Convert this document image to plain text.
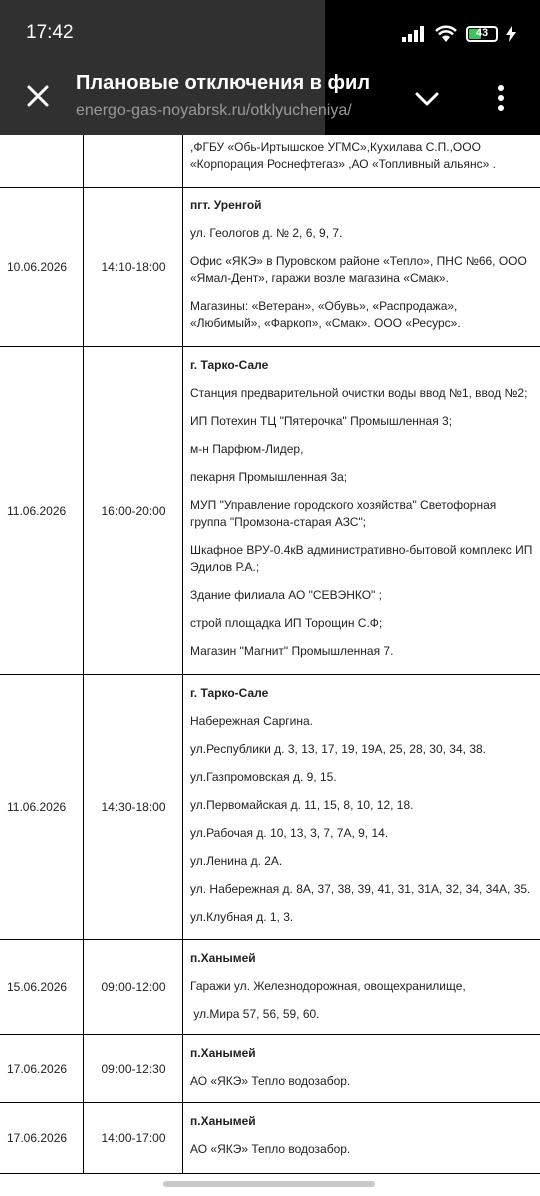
17:42	43
Плановые отключения в фил
energo-gas-noyabrsk.ru/otklyucheniya/

,ФГБУ «Обь-Иртышское УГМС»,Кухилава С.П.,ООО

«Корпорация Роснефтегаз» ,АО «Топливный альянс» .

10.06.2026	14:10-18:00

пгт. Уренгой

ул. Геологов д. № 2, 6, 9, 7.

Офис «ЯКЭ» в Пуровском районе «Тепло», ПНС №66, ООО «Ямал-Дент», гаражи возле магазина «Смак».

Магазины: «Ветеран», «Обувь», «Распродажа», «Любимый», «Фаркоп», «Смак». ООО «Ресурс».

11.06.2026	16:00-20:00

г. Тарко-Сале

Станция предварительной очистки воды ввод №1, ввод №2;

ИП Потехин ТЦ "Пятерочка" Промышленная 3;

м-н Парфюм-Лидер,

пекарня Промышленная 3а;

МУП "Управление городского хозяйства" Светофорная группа "Промзона-старая АЗС";

Шкафное ВРУ-0.4кВ административно-бытовой комплекс ИП Эдилов Р.А.;

Здание филиала АО "СЕВЭНКО" ;

строй площадка ИП Торощин С.Ф;

Магазин "Магнит" Промышленная 7.

11.06.2026	14:30-18:00

г. Тарко-Сале

Набережная Саргина.

ул.Республики д. 3, 13, 17, 19, 19А, 25, 28, 30, 34, 38.

ул.Газпромовская д. 9, 15.

ул.Первомайская д. 11, 15, 8, 10, 12, 18.

ул.Рабочая д. 10, 13, 3, 7, 7А, 9, 14.

ул.Ленина д. 2А.

ул. Набережная д. 8А, 37, 38, 39, 41, 31, 31А, 32, 34, 34А, 35.

ул.Клубная д. 1, 3.

15.06.2026	09:00-12:00

п.Ханымей

Гаражи ул. Железнодорожная, овощехранилище,

ул.Мира 57, 56, 59, 60.

17.06.2026	09:00-12:30

п.Ханымей

АО «ЯКЭ» Тепло водозабор.

17.06.2026	14:00-17:00

п.Ханымей

АО «ЯКЭ» Тепло водозабор.
